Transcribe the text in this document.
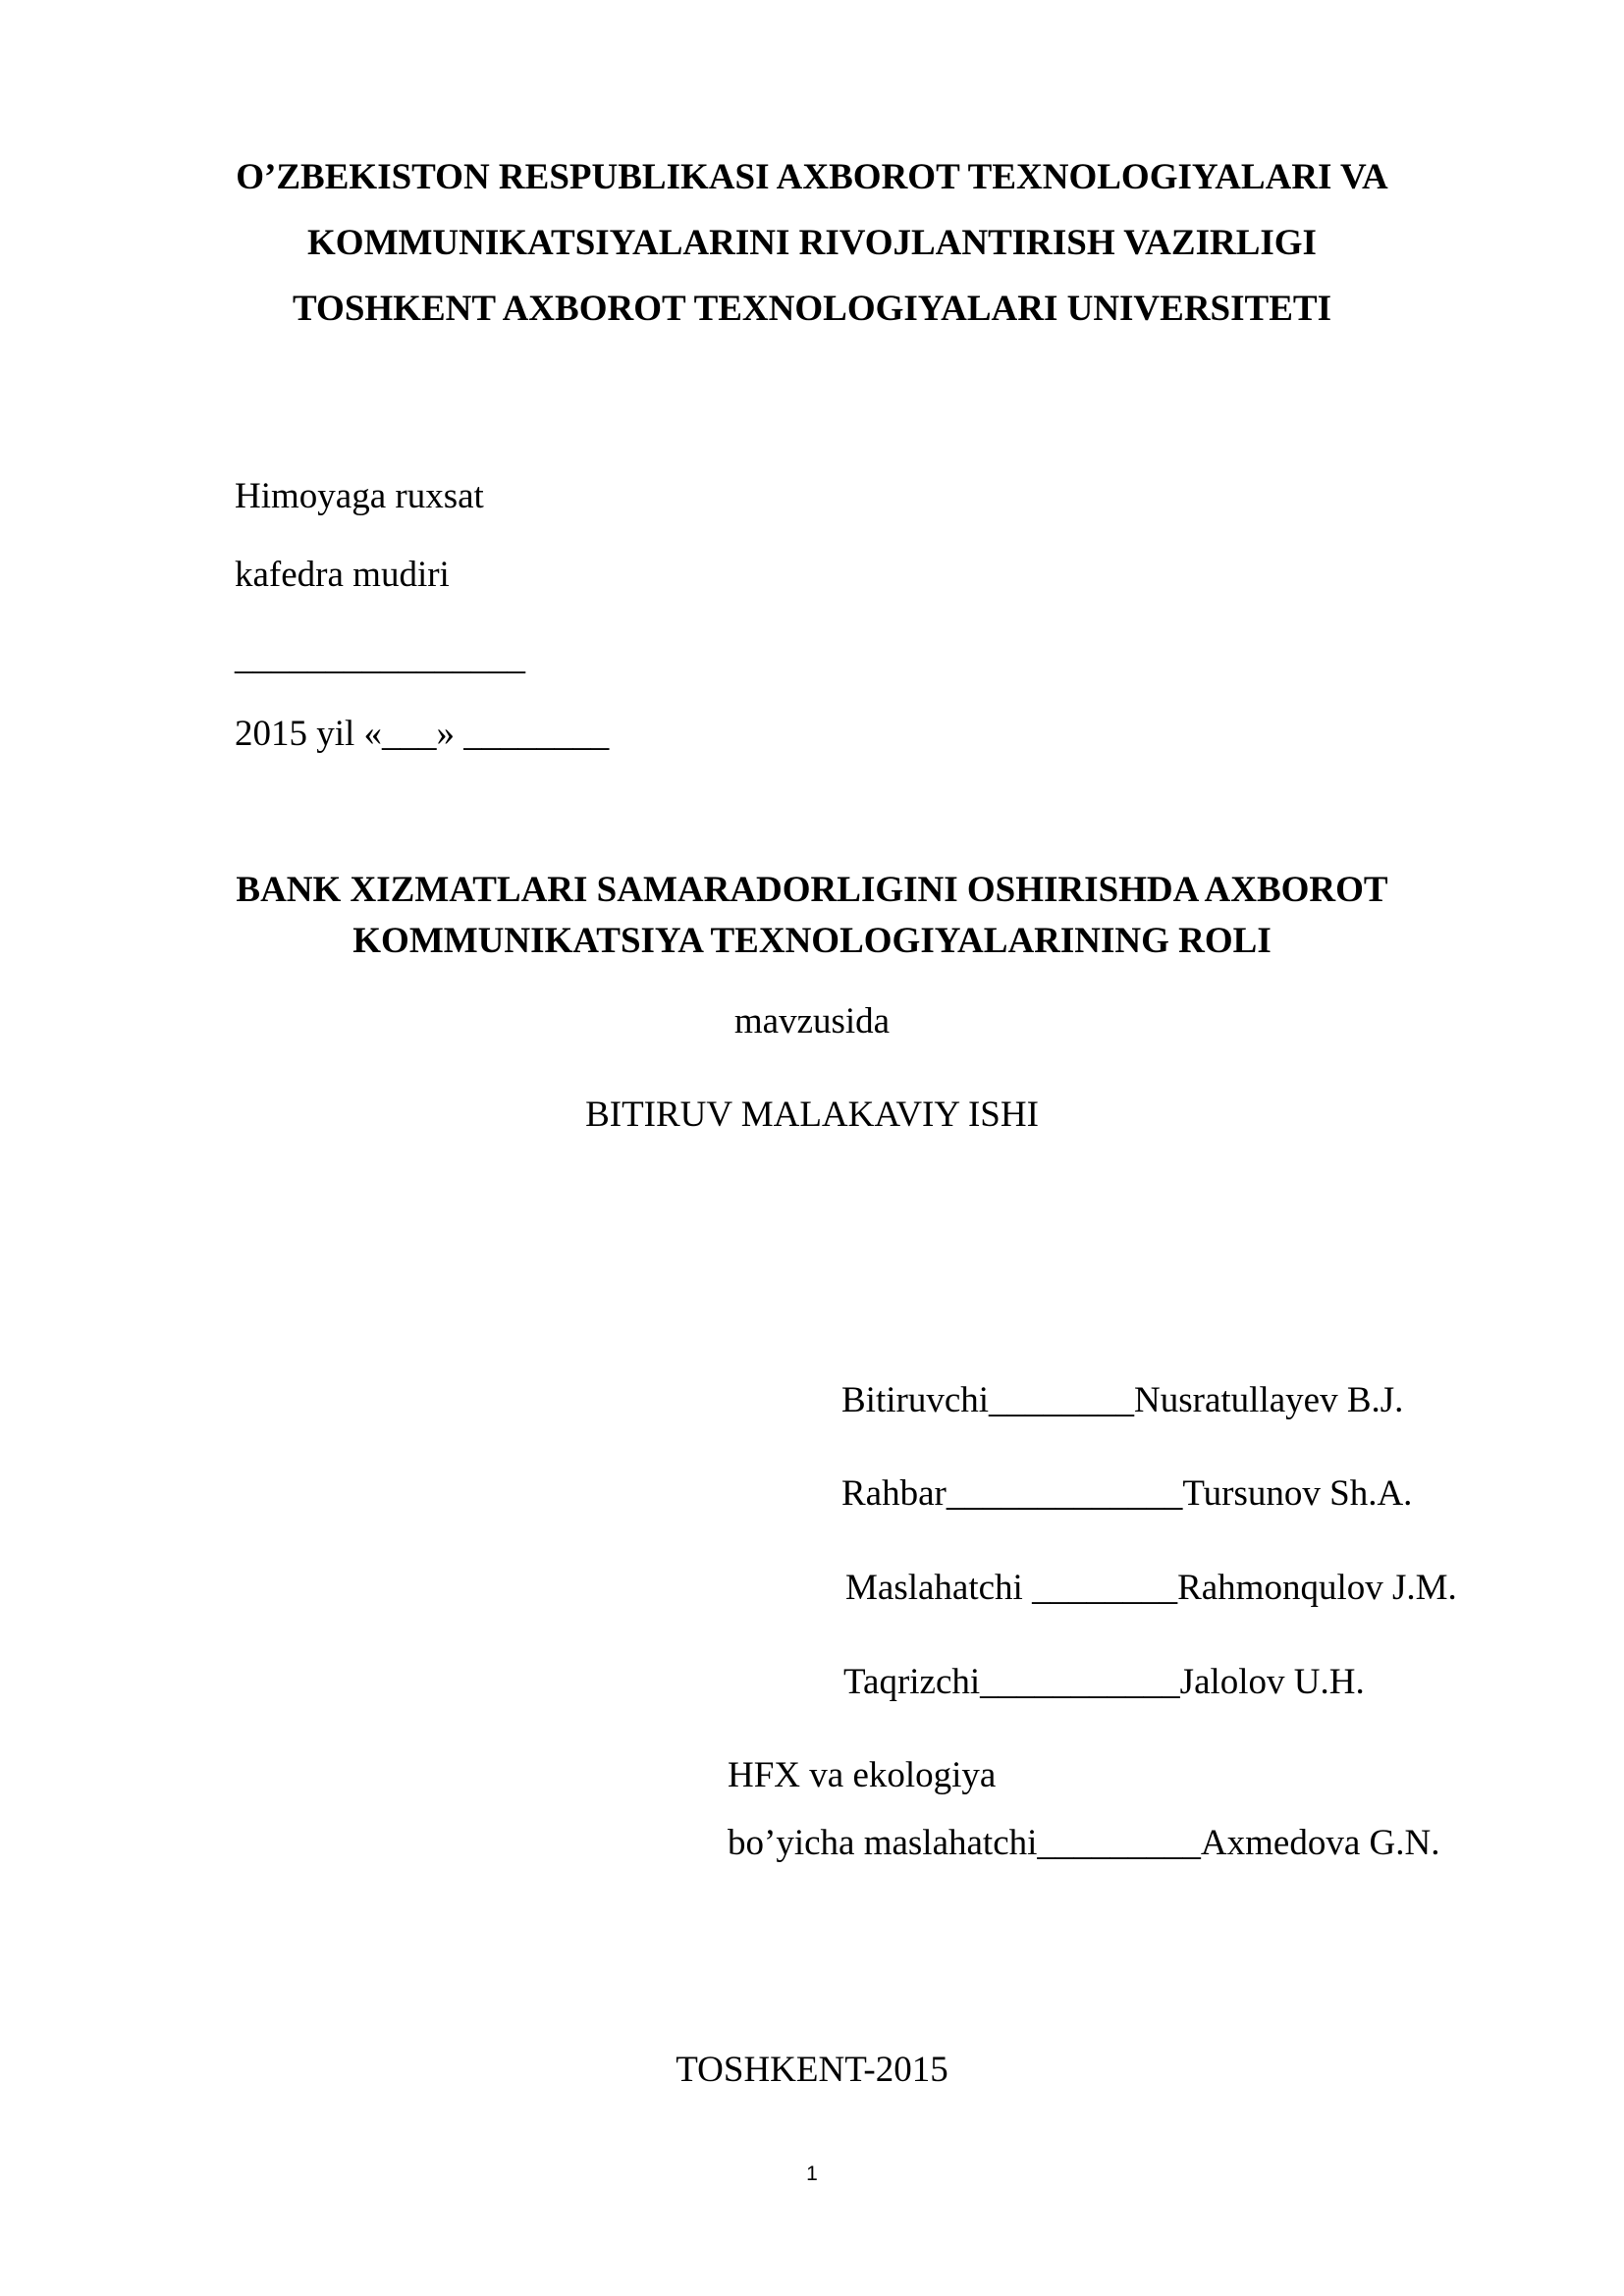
O’ZBEKISTON RESPUBLIKASI AXBOROT TEXNOLOGIYALARI VA
KOMMUNIKATSIYALARINI RIVOJLANTIRISH VAZIRLIGI
TOSHKENT AXBOROT TEXNOLOGIYALARI UNIVERSITETI
Himoyaga ruxsat
kafedra mudiri
________________
2015 yil «___» ________
BANK XIZMATLARI SAMARADORLIGINI OSHIRISHDA AXBOROT
KOMMUNIKATSIYA TEXNOLOGIYALARINING ROLI
mavzusida
BITIRUV MALAKAVIY ISHI
Bitiruvchi________Nusratullayev B.J.
Rahbar_____________Tursunov Sh.A.
Maslahatchi ________Rahmonqulov J.M.
Taqrizchi___________Jalolov U.H.
HFX va ekologiya
bo’yicha maslahatchi_________Axmedova G.N.
TOSHKENT-2015
1
